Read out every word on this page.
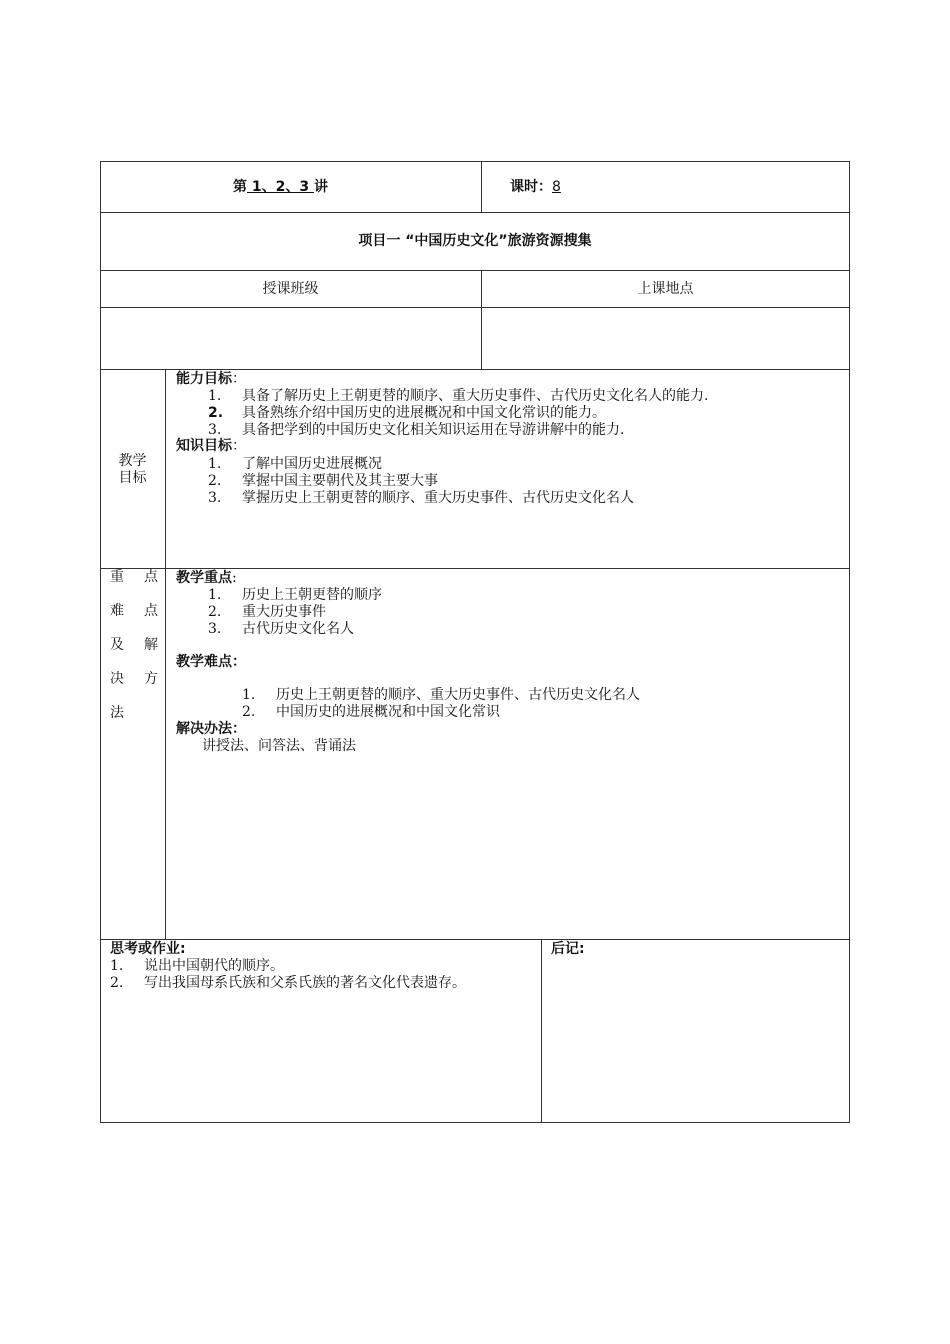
第 1、2、3 讲	课时：8
项目一 “中国历史文化”旅游资源搜集
授课班级	上课地点
教学
目标
能力目标：
1. 具备了解历史上王朝更替的顺序、重大历史事件、古代历史文化名人的能力.
2. 具备熟练介绍中国历史的进展概况和中国文化常识的能力。
3. 具备把学到的中国历史文化相关知识运用在导游讲解中的能力.
知识目标：
1. 了解中国历史进展概况
2. 掌握中国主要朝代及其主要大事
3. 掌握历史上王朝更替的顺序、重大历史事件、古代历史文化名人
重 点
难 点
及 解
决 方
法
教学重点:
1. 历史上王朝更替的顺序
2. 重大历史事件
3. 古代历史文化名人
教学难点：
1. 历史上王朝更替的顺序、重大历史事件、古代历史文化名人
2. 中国历史的进展概况和中国文化常识
解决办法：
讲授法、问答法、背诵法
思考或作业:
1. 说出中国朝代的顺序。
2. 写出我国母系氏族和父系氏族的著名文化代表遗存。
后记:
